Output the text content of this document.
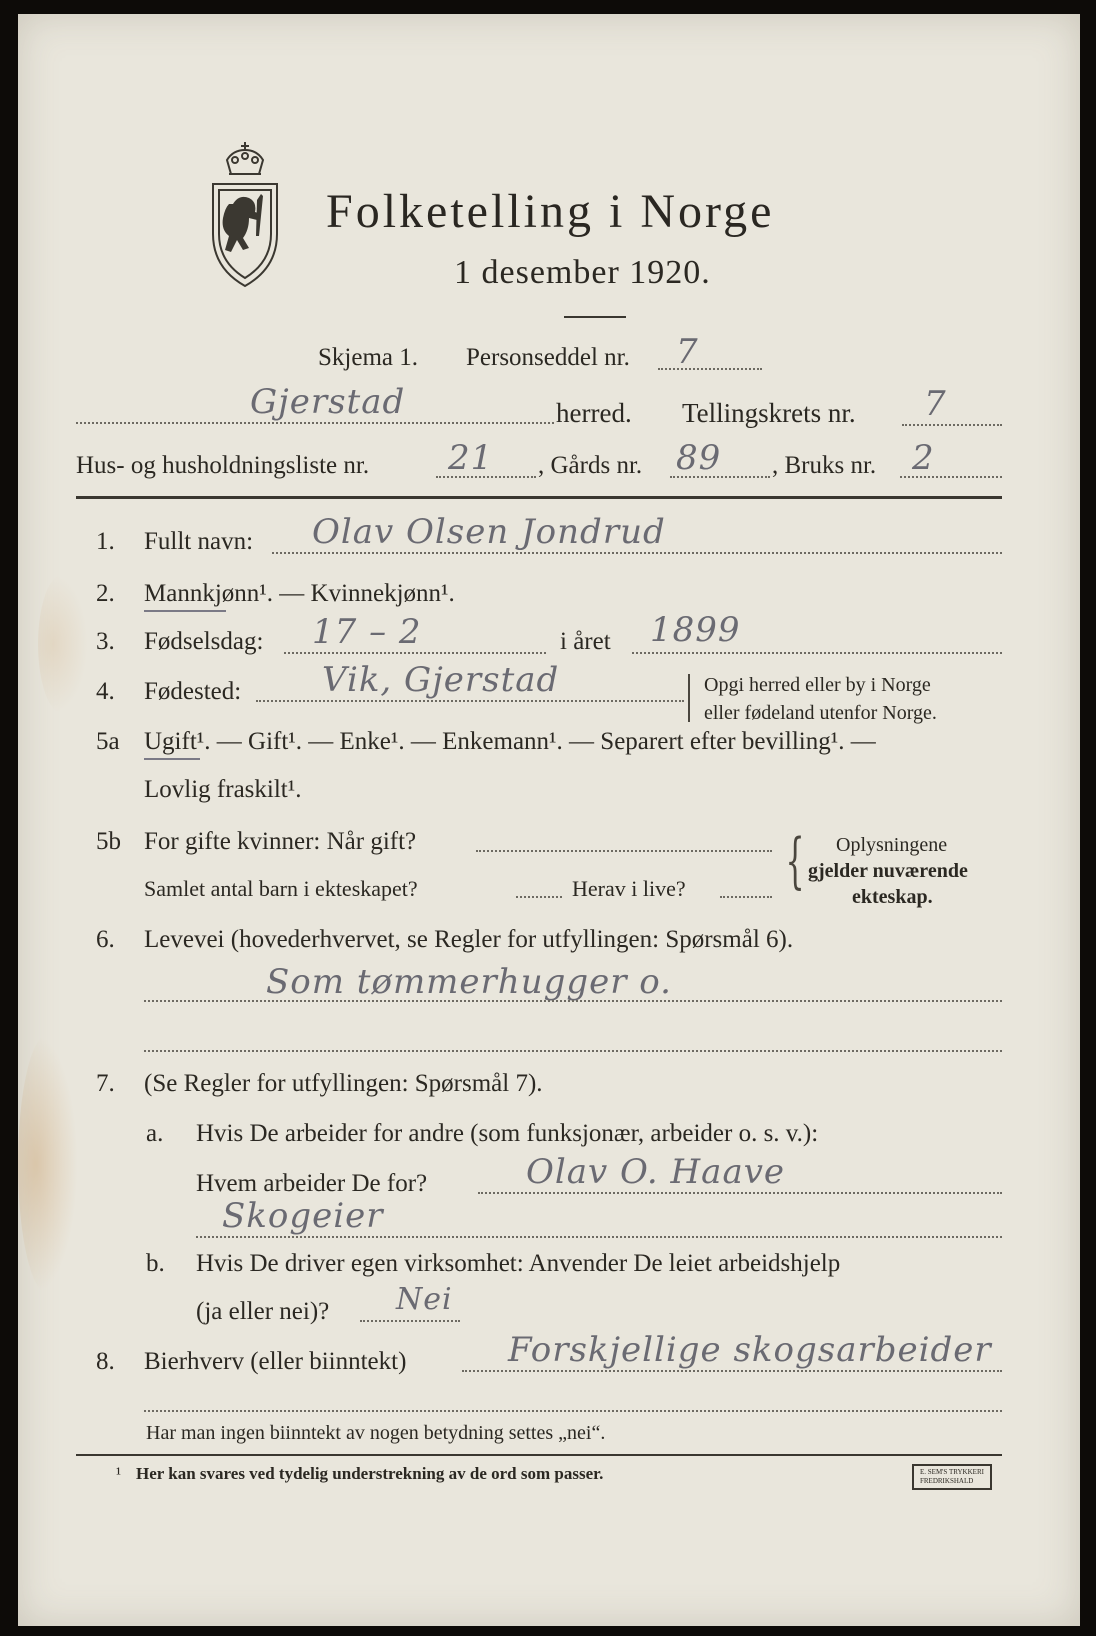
Folketelling i Norge
1 desember 1920.
Skjema 1. Personseddel nr. 7
Gjerstad	herred. Tellingskrets nr. 7
Hus- og husholdningsliste nr. 21 , Gårds nr. 89 , Bruks nr. 2
1. Fullt navn: Olav Olsen Jondrud
2. Mannkjønn¹. — Kvinnekjønn¹.
3. Fødselsdag: 17 – 2	i året 1899
4. Fødested: Vik, Gjerstad	Opgi herred eller by i Norge
eller fødeland utenfor Norge.
5a Ugift¹. — Gift¹. — Enke¹. — Enkemann¹. — Separert efter bevilling¹. —
Lovlig fraskilt¹.
5b For gifte kvinner: Når gift?
Samlet antal barn i ekteskapet?	Herav i live? { Oplysningene
gjelder nuværende
ekteskap.
6. Levevei (hovederhvervet, se Regler for utfyllingen: Spørsmål 6).
Som tømmerhugger o.
7. (Se Regler for utfyllingen: Spørsmål 7).
a. Hvis De arbeider for andre (som funksjonær, arbeider o. s. v.):
Hvem arbeider De for?	Olav O. Haave
Skogeier
b. Hvis De driver egen virksomhet: Anvender De leiet arbeidshjelp
(ja eller nei)? Nei
8. Bierhverv (eller biinntekt)	Forskjellige skogsarbeider
Har man ingen biinntekt av nogen betydning settes „nei“.
¹ Her kan svares ved tydelig understrekning av de ord som passer.	E. SEM'S TRYKKERI
FREDRIKSHALD
